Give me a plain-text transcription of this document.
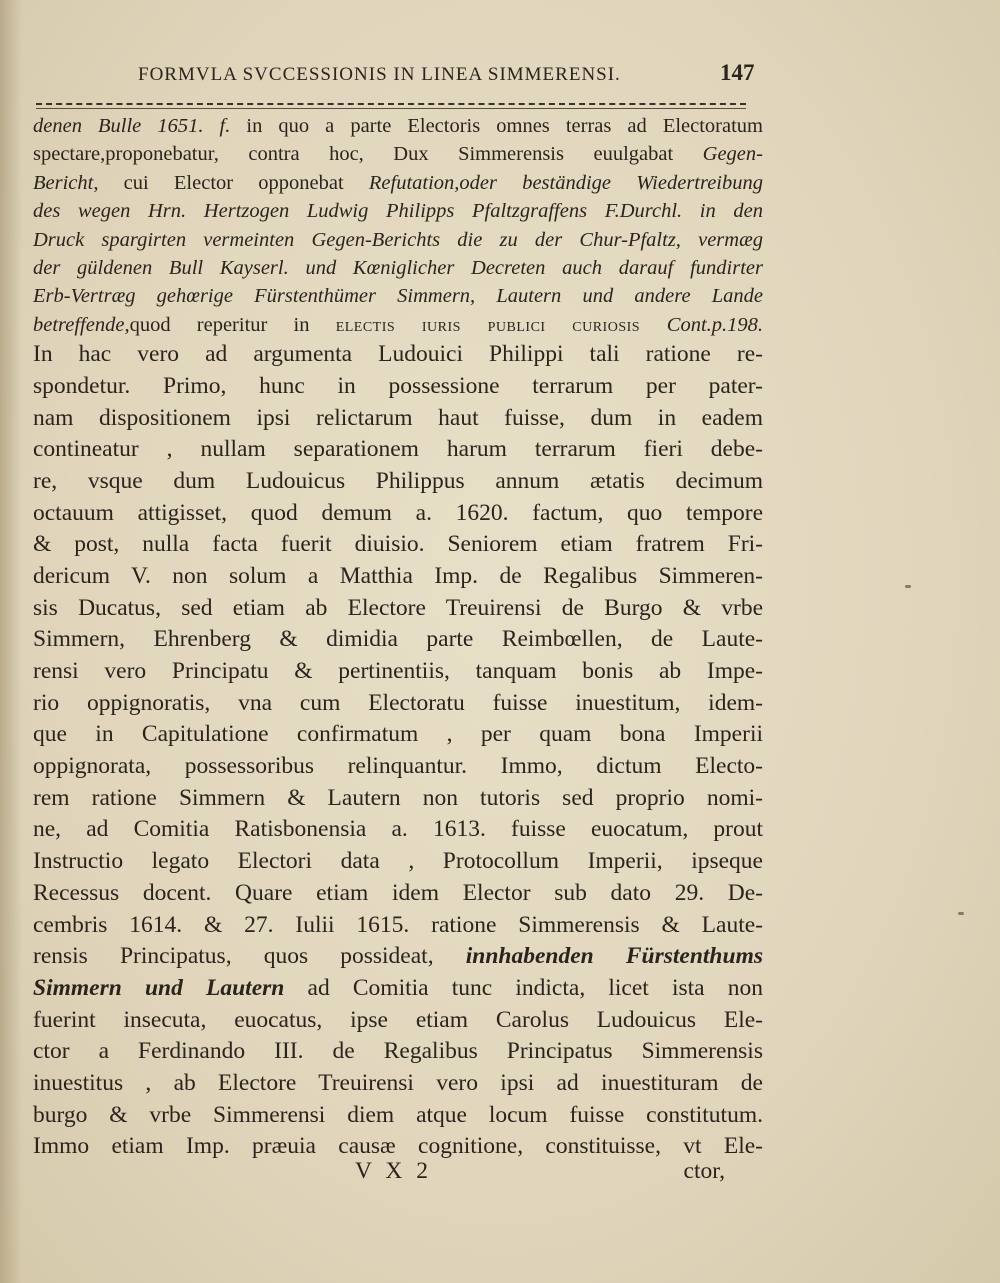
FORMVLA SVCCESSIONIS IN LINEA SIMMERENSI.	147
denen Bulle 1651. f. in quo a parte Electoris omnes terras ad Electoratum
spectare,proponebatur, contra hoc, Dux Simmerensis euulgabat Gegen-
Bericht, cui Elector opponebat Refutation,oder beständige Wiedertreibung
des wegen Hrn. Hertzogen Ludwig Philipps Pfaltzgraffens F.Durchl. in den
Druck spargirten vermeinten Gegen-Berichts die zu der Chur-Pfaltz, vermæg
der güldenen Bull Kayserl. und Kœniglicher Decreten auch darauf fundirter
Erb-Vertræg gehœrige Fürstenthümer Simmern, Lautern und andere Lande
betreffende,quod reperitur in electis iuris publici curiosis Cont.p.198.
In hac vero ad argumenta Ludouici Philippi tali ratione re-
spondetur. Primo, hunc in possessione terrarum per pater-
nam dispositionem ipsi relictarum haut fuisse, dum in eadem
contineatur , nullam separationem harum terrarum fieri debe-
re, vsque dum Ludouicus Philippus annum ætatis decimum
octauum attigisset, quod demum a. 1620. factum, quo tempore
& post, nulla facta fuerit diuisio. Seniorem etiam fratrem Fri-
dericum V. non solum a Matthia Imp. de Regalibus Simmeren-
sis Ducatus, sed etiam ab Electore Treuirensi de Burgo & vrbe
Simmern, Ehrenberg & dimidia parte Reimbœllen, de Laute-
rensi vero Principatu & pertinentiis, tanquam bonis ab Impe-
rio oppignoratis, vna cum Electoratu fuisse inuestitum, idem-
que in Capitulatione confirmatum , per quam bona Imperii
oppignorata, possessoribus relinquantur. Immo, dictum Electo-
rem ratione Simmern & Lautern non tutoris sed proprio nomi-
ne, ad Comitia Ratisbonensia a. 1613. fuisse euocatum, prout
Instructio legato Electori data , Protocollum Imperii, ipseque
Recessus docent. Quare etiam idem Elector sub dato 29. De-
cembris 1614. & 27. Iulii 1615. ratione Simmerensis & Laute-
rensis Principatus, quos possideat, innhabenden Fürstenthums
Simmern und Lautern ad Comitia tunc indicta, licet ista non
fuerint insecuta, euocatus, ipse etiam Carolus Ludouicus Ele-
ctor a Ferdinando III. de Regalibus Principatus Simmerensis
inuestitus , ab Electore Treuirensi vero ipsi ad inuestituram de
burgo & vrbe Simmerensi diem atque locum fuisse constitutum.
Immo etiam Imp. præuia causæ cognitione, constituisse, vt Ele-
V X 2	ctor,
